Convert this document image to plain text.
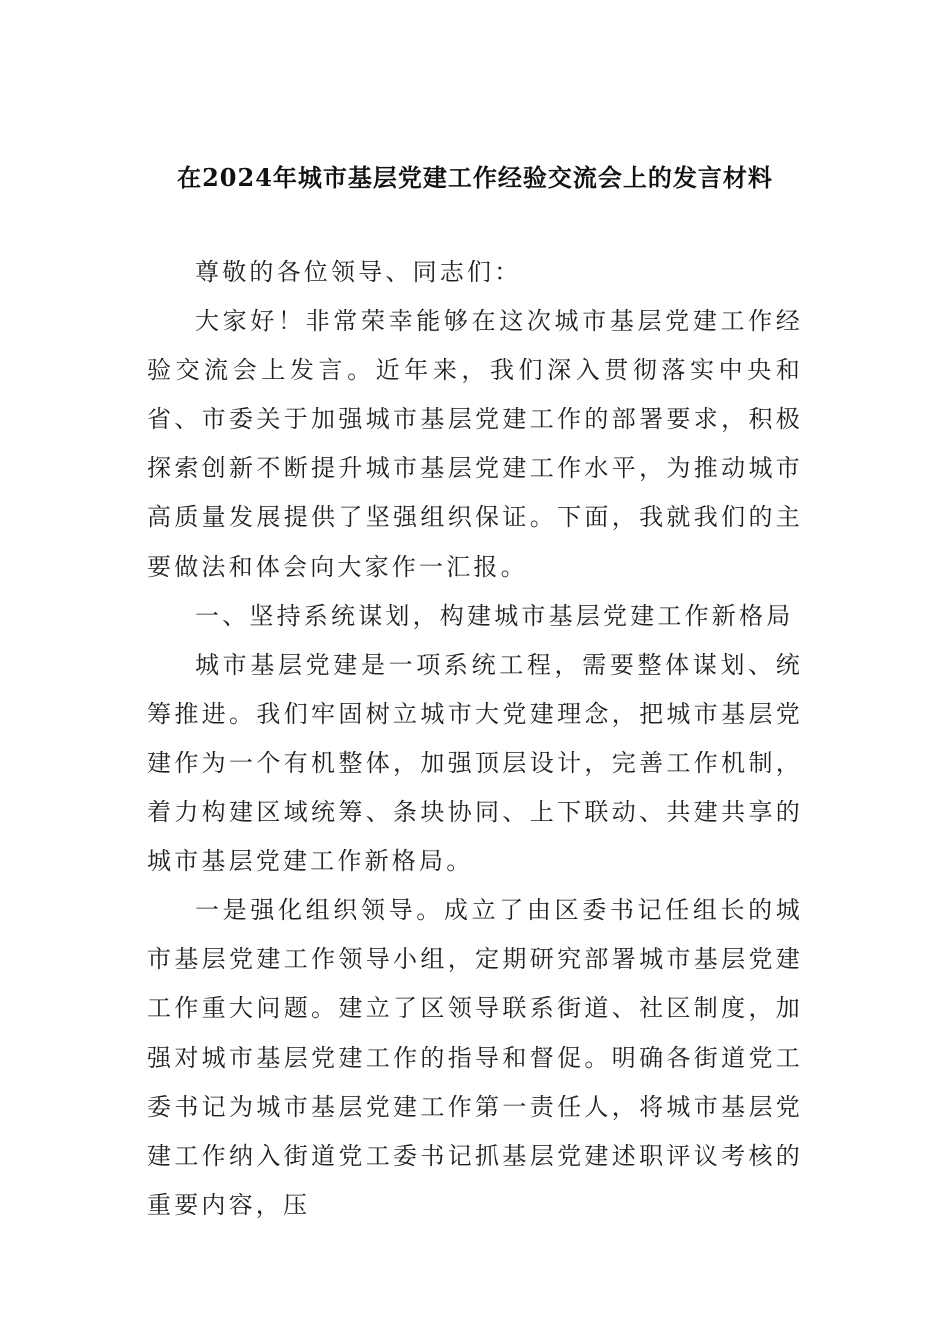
在2024年城市基层党建工作经验交流会上的发言材料

尊敬的各位领导、同志们：

大家好！非常荣幸能够在这次城市基层党建工作经验交流会上发言。近年来，我们深入贯彻落实中央和省、市委关于加强城市基层党建工作的部署要求，积极探索创新不断提升城市基层党建工作水平，为推动城市高质量发展提供了坚强组织保证。下面，我就我们的主要做法和体会向大家作一汇报。

一、坚持系统谋划，构建城市基层党建工作新格局

城市基层党建是一项系统工程，需要整体谋划、统筹推进。我们牢固树立城市大党建理念，把城市基层党建作为一个有机整体，加强顶层设计，完善工作机制，着力构建区域统筹、条块协同、上下联动、共建共享的城市基层党建工作新格局。

一是强化组织领导。成立了由区委书记任组长的城市基层党建工作领导小组，定期研究部署城市基层党建工作重大问题。建立了区领导联系街道、社区制度，加强对城市基层党建工作的指导和督促。明确各街道党工委书记为城市基层党建工作第一责任人，将城市基层党建工作纳入街道党工委书记抓基层党建述职评议考核的重要内容，压
